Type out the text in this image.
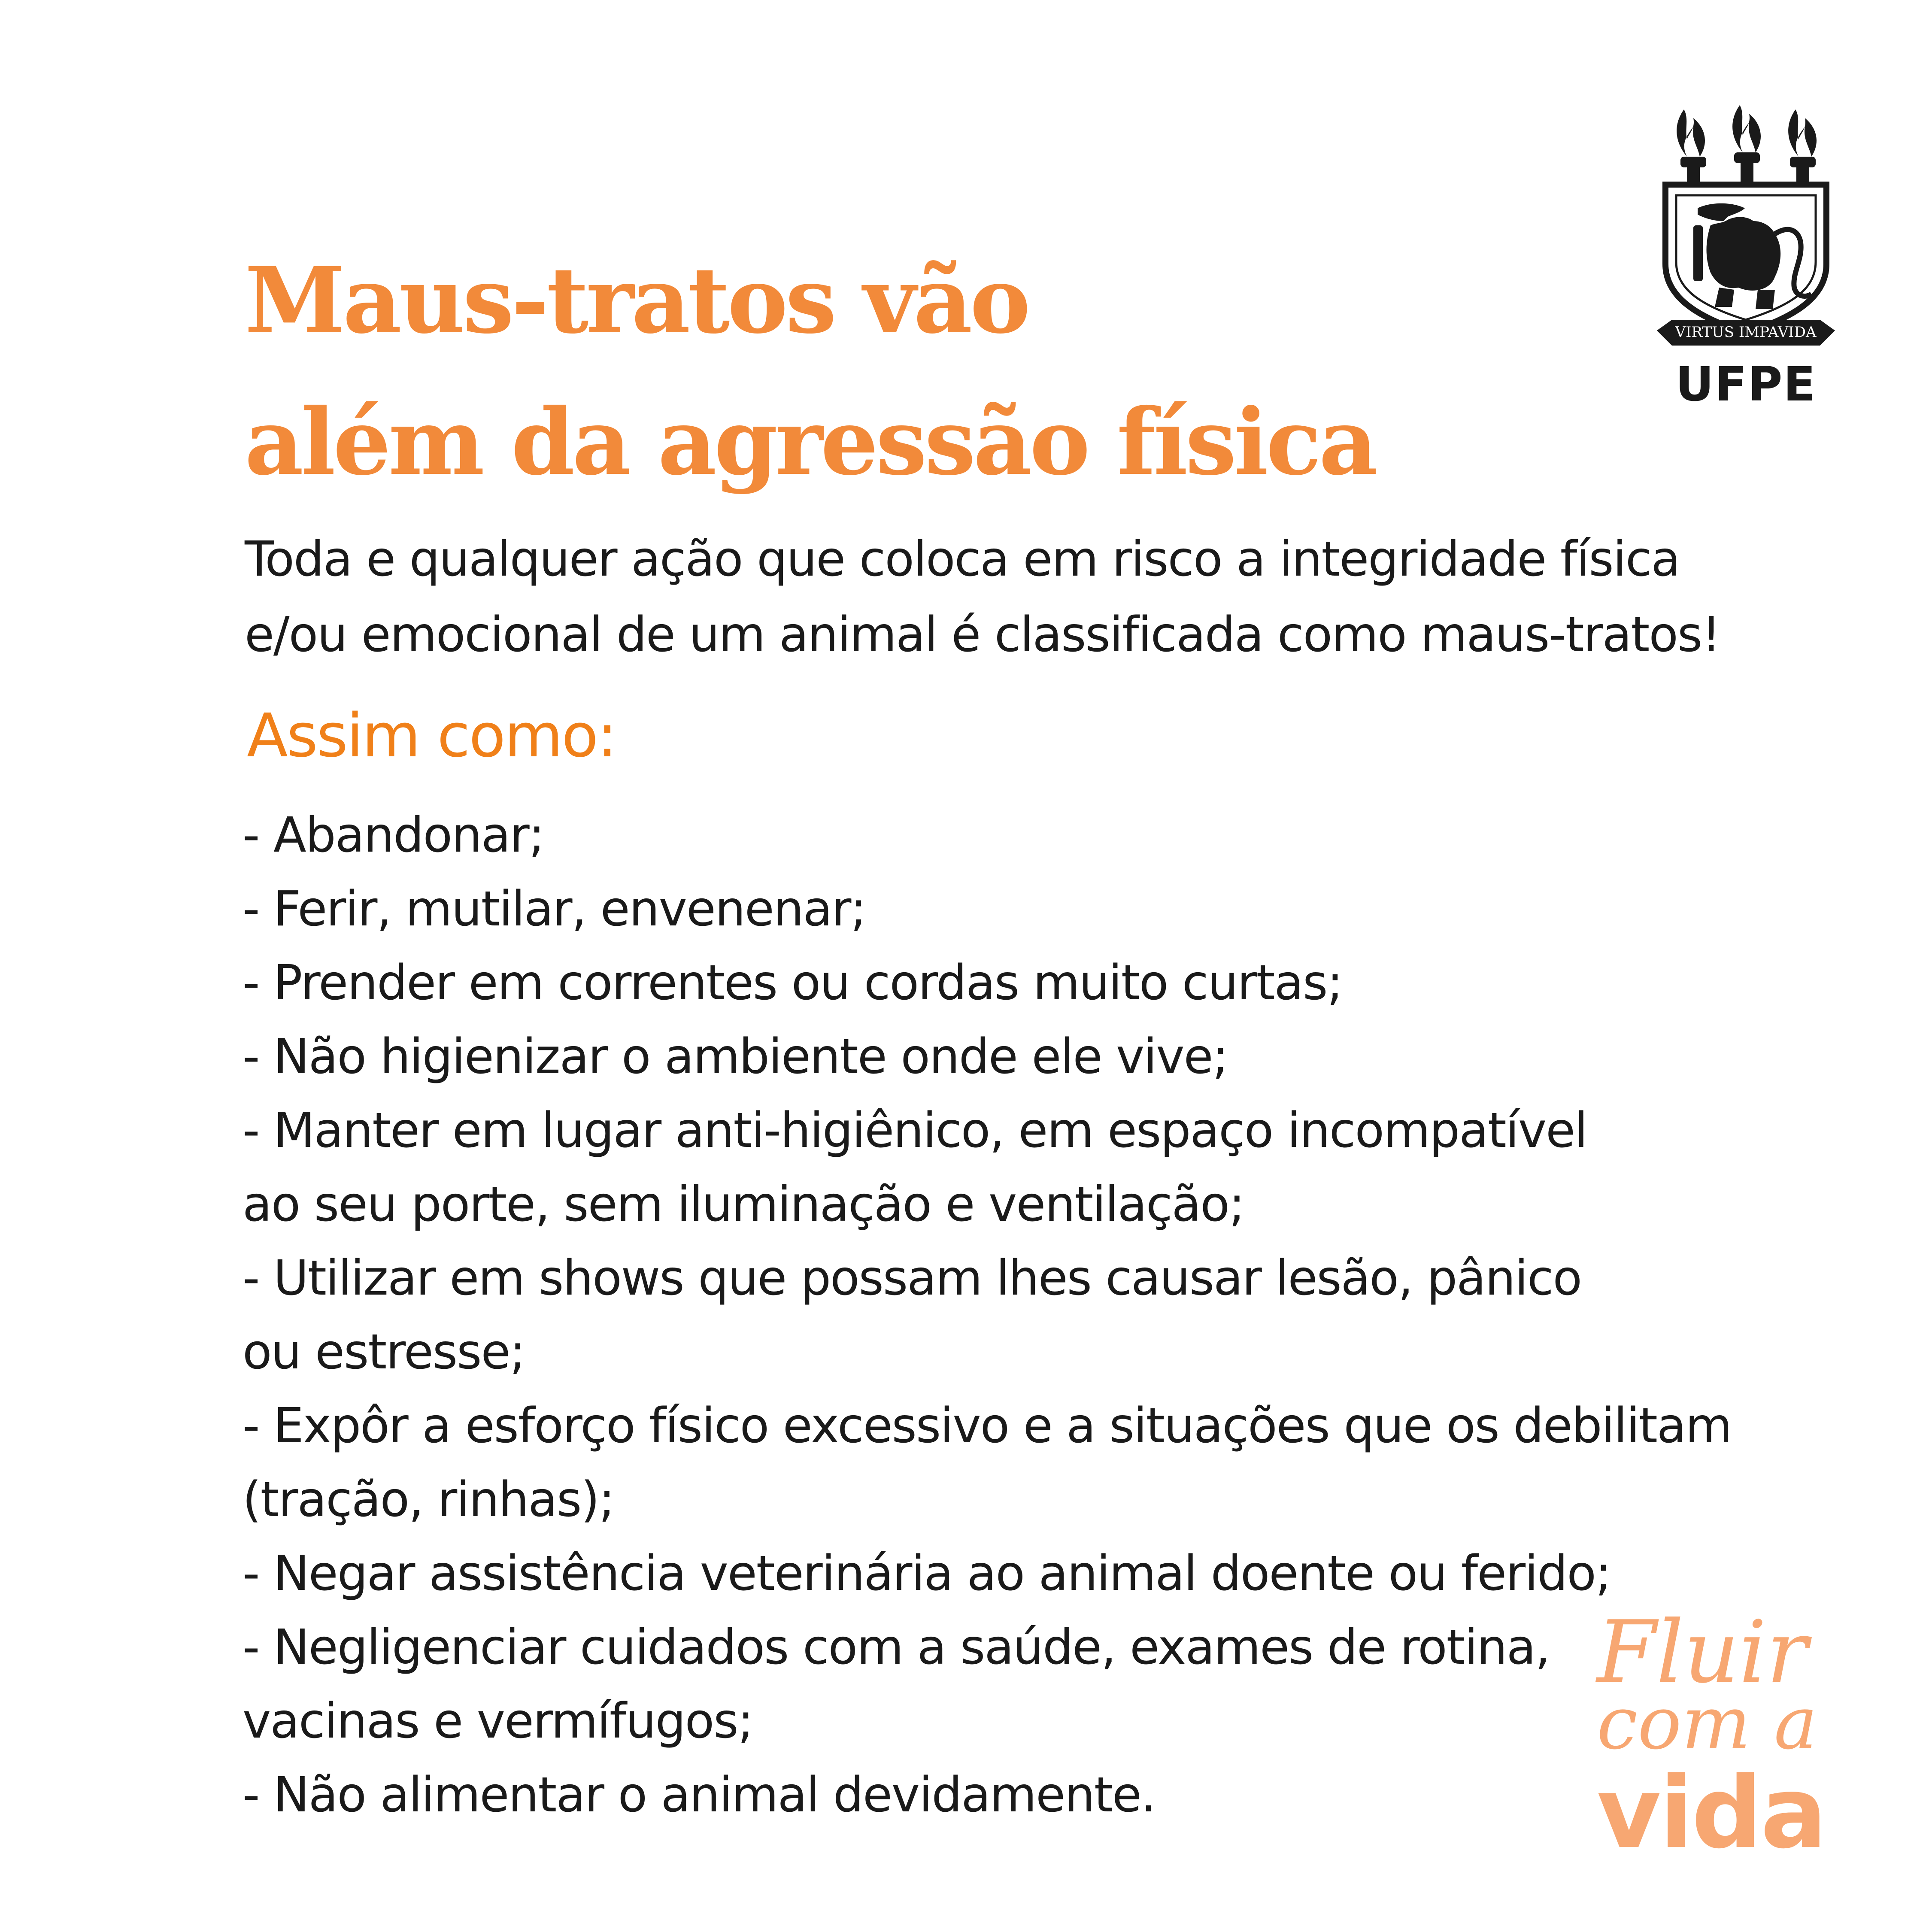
VIRTUS IMPAVIDA
UFPE
Maus-tratos vão
além da agressão física

Toda e qualquer ação que coloca em risco a integridade física
e/ou emocional de um animal é classificada como maus-tratos!

Assim como:
- Abandonar;
- Ferir, mutilar, envenenar;
- Prender em correntes ou cordas muito curtas;
- Não higienizar o ambiente onde ele vive;
- Manter em lugar anti-higiênico, em espaço incompatível
ao seu porte, sem iluminação e ventilação;
- Utilizar em shows que possam lhes causar lesão, pânico
ou estresse;
- Expôr a esforço físico excessivo e a situações que os debilitam
(tração, rinhas);
- Negar assistência veterinária ao animal doente ou ferido;
- Negligenciar cuidados com a saúde, exames de rotina,
vacinas e vermífugos;
- Não alimentar o animal devidamente.
Fluir
com a
vida
